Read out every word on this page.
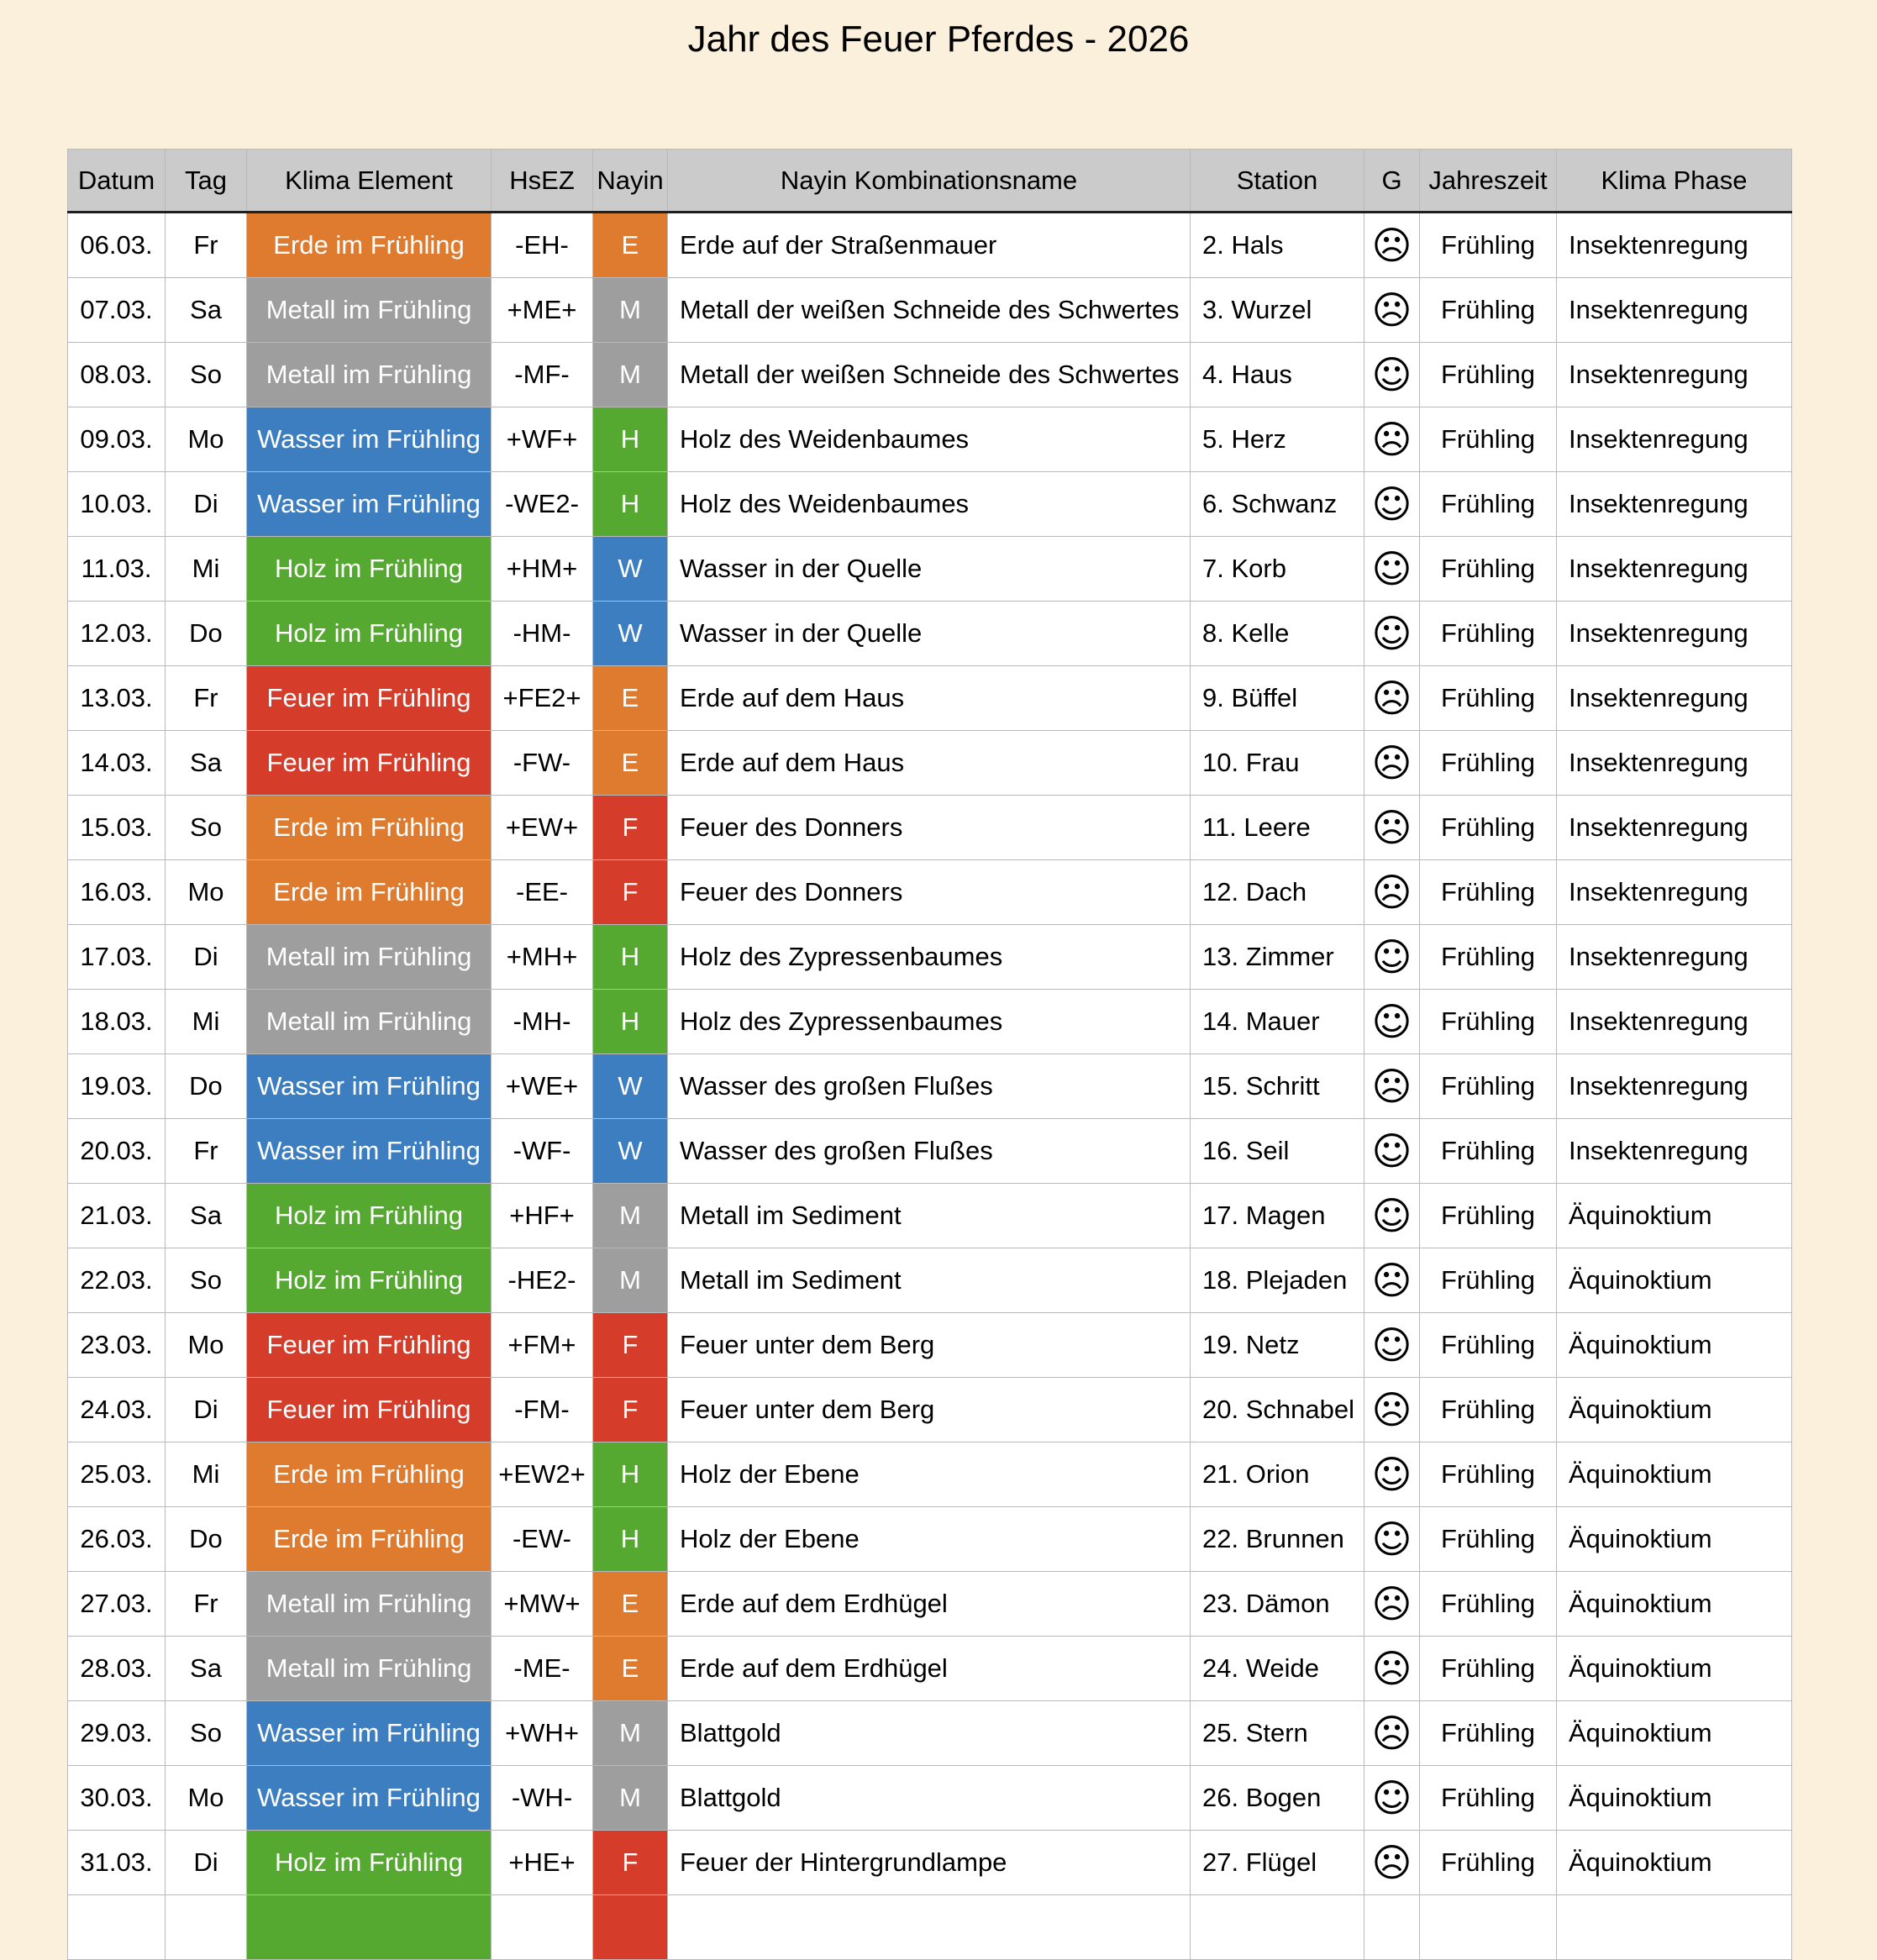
Jahr des Feuer Pferdes - 2026
Datum	Tag	Klima Element	HsEZ	Nayin	Nayin Kombinationsname	Station	G	Jahreszeit	Klima Phase
06.03.	Fr	Erde im Frühling	-EH-	E	Erde auf der Straßenmauer	2. Hals	☹	Frühling	Insektenregung
07.03.	Sa	Metall im Frühling	+ME+	M	Metall der weißen Schneide des Schwertes	3. Wurzel	☹	Frühling	Insektenregung
08.03.	So	Metall im Frühling	-MF-	M	Metall der weißen Schneide des Schwertes	4. Haus	☺	Frühling	Insektenregung
09.03.	Mo	Wasser im Frühling	+WF+	H	Holz des Weidenbaumes	5. Herz	☹	Frühling	Insektenregung
10.03.	Di	Wasser im Frühling	-WE2-	H	Holz des Weidenbaumes	6. Schwanz	☺	Frühling	Insektenregung
11.03.	Mi	Holz im Frühling	+HM+	W	Wasser in der Quelle	7. Korb	☺	Frühling	Insektenregung
12.03.	Do	Holz im Frühling	-HM-	W	Wasser in der Quelle	8. Kelle	☺	Frühling	Insektenregung
13.03.	Fr	Feuer im Frühling	+FE2+	E	Erde auf dem Haus	9. Büffel	☹	Frühling	Insektenregung
14.03.	Sa	Feuer im Frühling	-FW-	E	Erde auf dem Haus	10. Frau	☹	Frühling	Insektenregung
15.03.	So	Erde im Frühling	+EW+	F	Feuer des Donners	11. Leere	☹	Frühling	Insektenregung
16.03.	Mo	Erde im Frühling	-EE-	F	Feuer des Donners	12. Dach	☹	Frühling	Insektenregung
17.03.	Di	Metall im Frühling	+MH+	H	Holz des Zypressenbaumes	13. Zimmer	☺	Frühling	Insektenregung
18.03.	Mi	Metall im Frühling	-MH-	H	Holz des Zypressenbaumes	14. Mauer	☺	Frühling	Insektenregung
19.03.	Do	Wasser im Frühling	+WE+	W	Wasser des großen Flußes	15. Schritt	☹	Frühling	Insektenregung
20.03.	Fr	Wasser im Frühling	-WF-	W	Wasser des großen Flußes	16. Seil	☺	Frühling	Insektenregung
21.03.	Sa	Holz im Frühling	+HF+	M	Metall im Sediment	17. Magen	☺	Frühling	Äquinoktium
22.03.	So	Holz im Frühling	-HE2-	M	Metall im Sediment	18. Plejaden	☹	Frühling	Äquinoktium
23.03.	Mo	Feuer im Frühling	+FM+	F	Feuer unter dem Berg	19. Netz	☺	Frühling	Äquinoktium
24.03.	Di	Feuer im Frühling	-FM-	F	Feuer unter dem Berg	20. Schnabel	☹	Frühling	Äquinoktium
25.03.	Mi	Erde im Frühling	+EW2+	H	Holz der Ebene	21. Orion	☺	Frühling	Äquinoktium
26.03.	Do	Erde im Frühling	-EW-	H	Holz der Ebene	22. Brunnen	☺	Frühling	Äquinoktium
27.03.	Fr	Metall im Frühling	+MW+	E	Erde auf dem Erdhügel	23. Dämon	☹	Frühling	Äquinoktium
28.03.	Sa	Metall im Frühling	-ME-	E	Erde auf dem Erdhügel	24. Weide	☹	Frühling	Äquinoktium
29.03.	So	Wasser im Frühling	+WH+	M	Blattgold	25. Stern	☹	Frühling	Äquinoktium
30.03.	Mo	Wasser im Frühling	-WH-	M	Blattgold	26. Bogen	☺	Frühling	Äquinoktium
31.03.	Di	Holz im Frühling	+HE+	F	Feuer der Hintergrundlampe	27. Flügel	☹	Frühling	Äquinoktium
